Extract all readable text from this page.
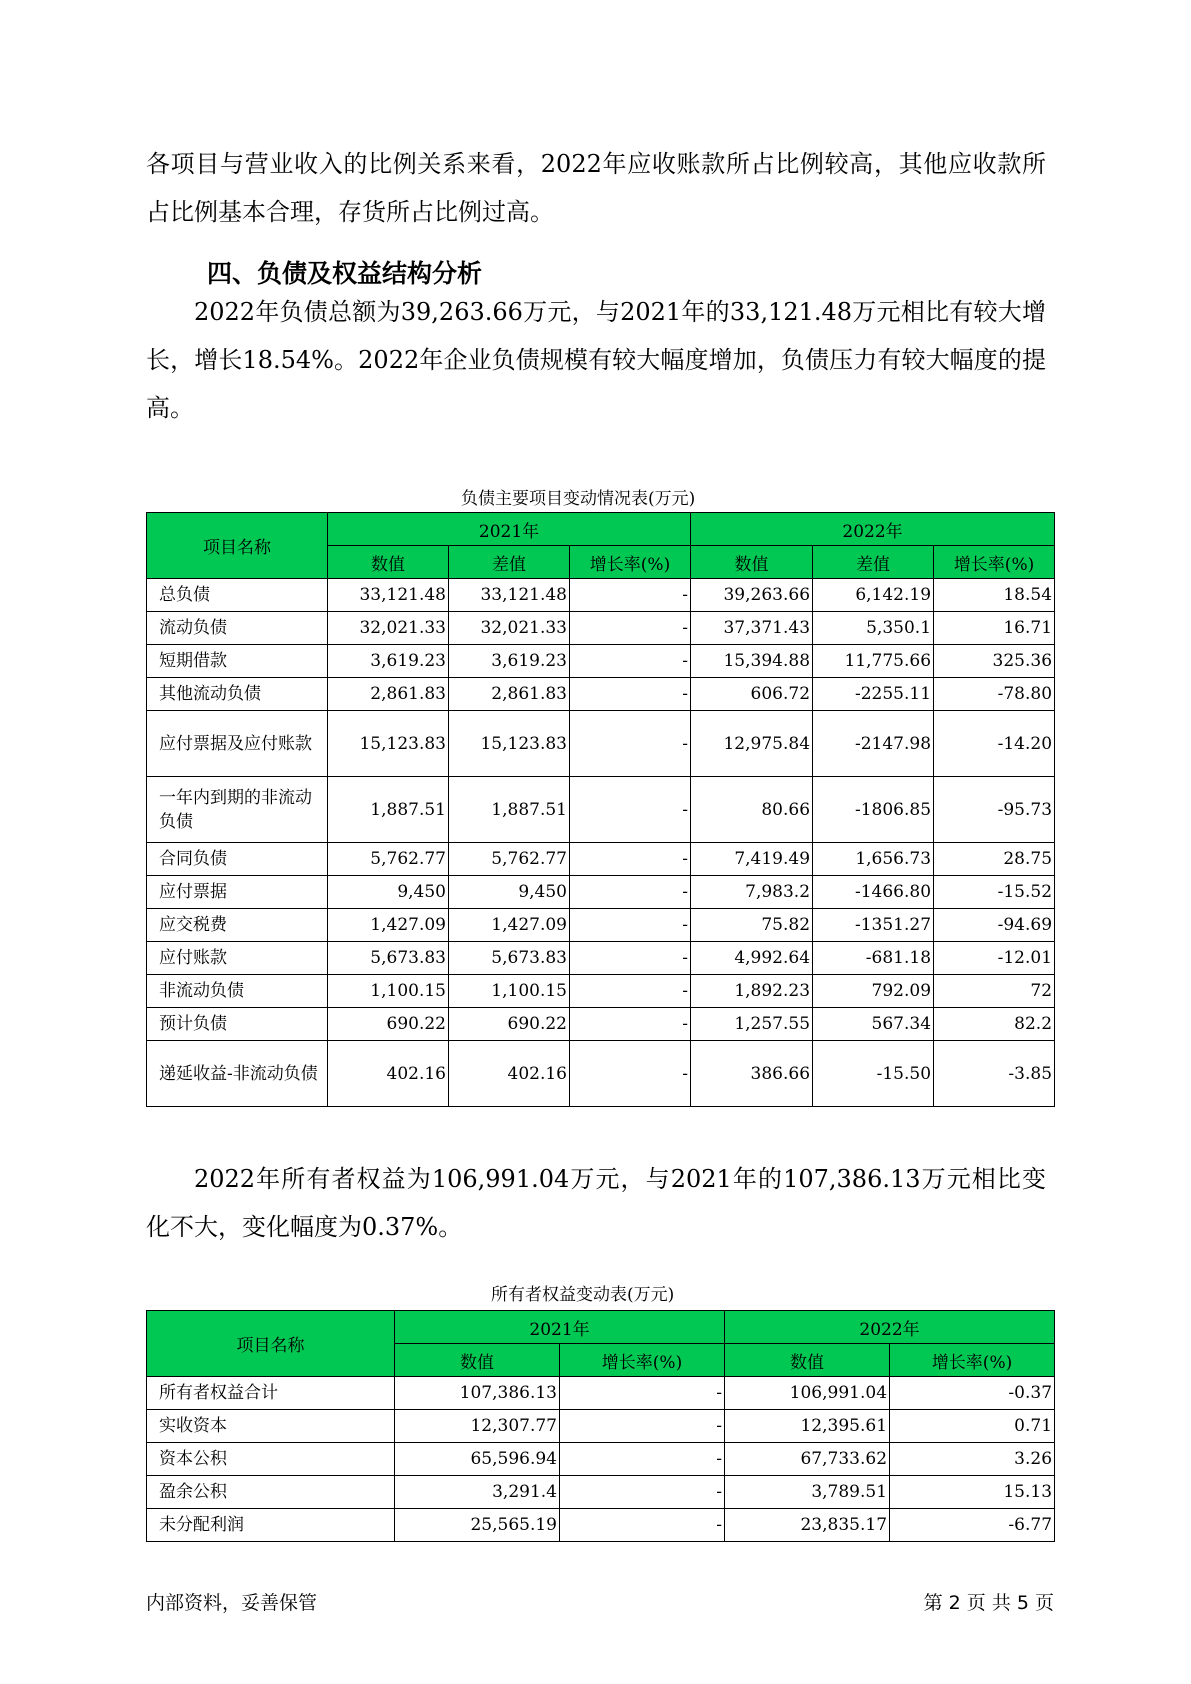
各项目与营业收入的比例关系来看，2022年应收账款所占比例较高，其他应收款所占比例基本合理，存货所占比例过高。
四、负债及权益结构分析
2022年负债总额为39,263.66万元，与2021年的33,121.48万元相比有较大增长，增长18.54%。2022年企业负债规模有较大幅度增加，负债压力有较大幅度的提高。
负债主要项目变动情况表(万元)
项目名称	2021年			2022年		
	数值	差值	增长率(%)	数值	差值	增长率(%)
总负债	33,121.48	33,121.48	-	39,263.66	6,142.19	18.54
流动负债	32,021.33	32,021.33	-	37,371.43	5,350.1	16.71
短期借款	3,619.23	3,619.23	-	15,394.88	11,775.66	325.36
其他流动负债	2,861.83	2,861.83	-	606.72	-2255.11	-78.80
应付票据及应付账款	15,123.83	15,123.83	-	12,975.84	-2147.98	-14.20
一年内到期的非流动负债	1,887.51	1,887.51	-	80.66	-1806.85	-95.73
合同负债	5,762.77	5,762.77	-	7,419.49	1,656.73	28.75
应付票据	9,450	9,450	-	7,983.2	-1466.80	-15.52
应交税费	1,427.09	1,427.09	-	75.82	-1351.27	-94.69
应付账款	5,673.83	5,673.83	-	4,992.64	-681.18	-12.01
非流动负债	1,100.15	1,100.15	-	1,892.23	792.09	72
预计负债	690.22	690.22	-	1,257.55	567.34	82.2
递延收益-非流动负债	402.16	402.16	-	386.66	-15.50	-3.85
2022年所有者权益为106,991.04万元，与2021年的107,386.13万元相比变化不大，变化幅度为0.37%。
所有者权益变动表(万元)
项目名称	2021年		2022年	
	数值	增长率(%)	数值	增长率(%)
所有者权益合计	107,386.13	-	106,991.04	-0.37
实收资本	12,307.77	-	12,395.61	0.71
资本公积	65,596.94	-	67,733.62	3.26
盈余公积	3,291.4	-	3,789.51	15.13
未分配利润	25,565.19	-	23,835.17	-6.77
内部资料，妥善保管	第 2 页 共 5 页
